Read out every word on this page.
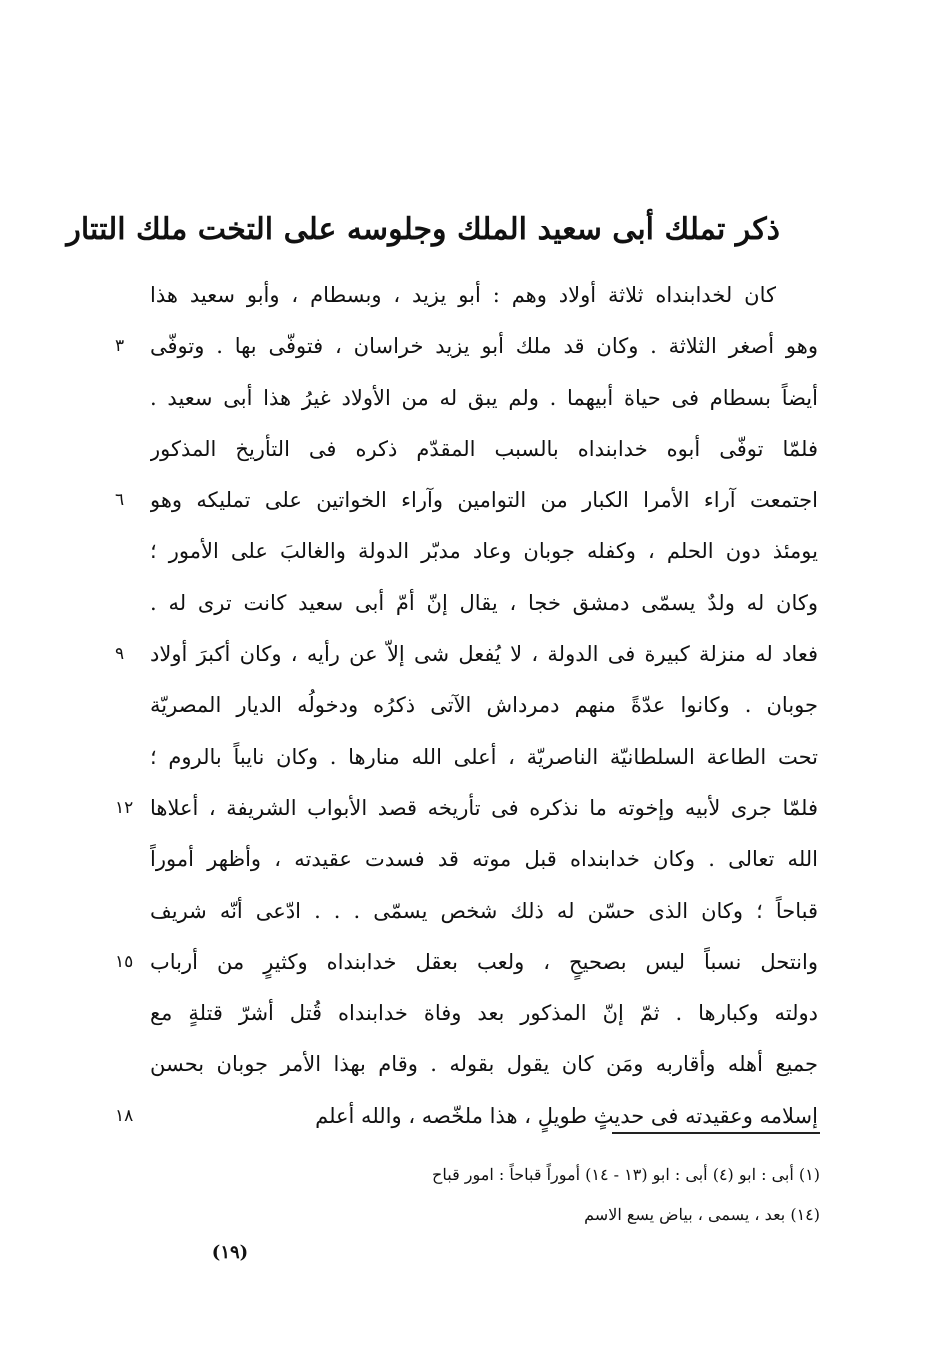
ذكر تملك أبى سعيد الملك وجلوسه على التخت ملك التتار
كان لخدابنداه ثلاثة أولاد وهم : أبو يزيد ، وبسطام ، وأبو سعيد هذا
وهو أصغر الثلاثة . وكان قد ملك أبو يزيد خراسان ، فتوفّى بها . وتوفّى
أيضاً بسطام فى حياة أبيهما . ولم يبق له من الأولاد غيرُ هذا أبى سعيد .
فلمّا توفّى أبوه خدابنداه بالسبب المقدّم ذكره فى التأريخ المذكور
اجتمعت آراء الأمرا الكبار من التوامين وآراء الخواتين على تمليكه وهو
يومئذ دون الحلم ، وكفله جوبان وعاد مدبّر الدولة والغالبَ على الأمور ؛
وكان له ولدٌ يسمّى دمشق خجا ، يقال إنّ أمّ أبى سعيد كانت ترى له .
فعاد له منزلة كبيرة فى الدولة ، لا يُفعل شى إلاّ عن رأيه ، وكان أكبرَ أولاد
جوبان . وكانوا عدّةً منهم دمرداش الآتى ذكرُه ودخولُه الديار المصريّة
تحت الطاعة السلطانيّة الناصريّة ، أعلى الله منارها . وكان نايباً بالروم ؛
فلمّا جرى لأبيه وإخوته ما نذكره فى تأريخه قصد الأبواب الشريفة ، أعلاها
الله تعالى . وكان خدابنداه قبل موته قد فسدت عقيدته ، وأظهر أموراً
قباحاً ؛ وكان الذى حسّن له ذلك شخص يسمّى . . . ادّعى أنّه شريف
وانتحل نسباً ليس بصحيحٍ ، ولعب بعقل خدابنداه وكثيرٍ من أرباب
دولته وكبارها . ثمّ إنّ المذكور بعد وفاة خدابنداه قُتل أشرّ قتلةٍ مع
جميع أهله وأقاربه ومَن كان يقول بقوله . وقام بهذا الأمر جوبان بحسن
إسلامه وعقيدته فى حديثٍ طويلٍ ، هذا ملخّصه ، والله أعلم
٣
٦
٩
١٢
١٥
١٨
(١) أبى : ابو (٤) أبى : ابو (١٣ - ١٤) أموراً قباحاً : امور قباح
(١٤) بعد ، يسمى ، بياض يسع الاسم
(١٩)
